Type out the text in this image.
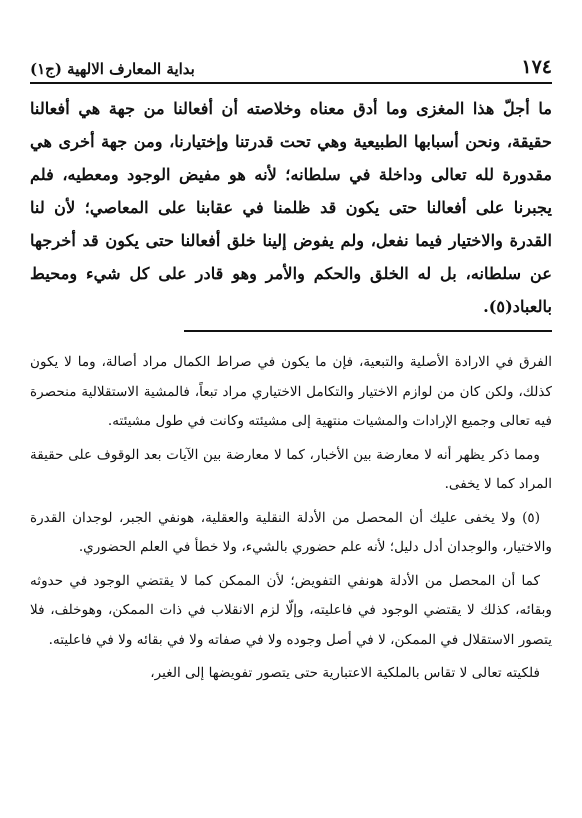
١٧٤
بداية المعارف الالهية (ج١)
ما أجلّ هذا المغزى وما أدق معناه وخلاصته أن أفعالنا من جهة هي أفعالنا حقيقة، ونحن أسبابها الطبيعية وهي تحت قدرتنا وإختيارنا، ومن جهة أخرى هي مقدورة لله تعالى وداخلة في سلطانه؛ لأنه هو مفيض الوجود ومعطيه، فلم يجبرنا على أفعالنا حتى يكون قد ظلمنا في عقابنا على المعاصي؛ لأن لنا القدرة والاختيار فيما نفعل، ولم يفوض إلينا خلق أفعالنا حتى يكون قد أخرجها عن سلطانه، بل له الخلق والحكم والأمر وهو قادر على كل شيء ومحيط بالعباد(٥).

الفرق في الارادة الأصلية والتبعية، فإن ما يكون في صراط الكمال مراد أصالة، وما لا يكون كذلك، ولكن كان من لوازم الاختيار والتكامل الاختياري مراد تبعاً، فالمشية الاستقلالية منحصرة فيه تعالى وجميع الإرادات والمشيات منتهية إلى مشيئته وكانت في طول مشيئته.

ومما ذكر يظهر أنه لا معارضة بين الأخبار، كما لا معارضة بين الآيات بعد الوقوف على حقيقة المراد كما لا يخفى.

(٥) ولا يخفى عليك أن المحصل من الأدلة النقلية والعقلية، هونفي الجبر، لوجدان القدرة والاختيار، والوجدان أدل دليل؛ لأنه علم حضوري بالشيء، ولا خطأ في العلم الحضوري.

كما أن المحصل من الأدلة هونفي التفويض؛ لأن الممكن كما لا يقتضي الوجود في حدوثه وبقائه، كذلك لا يقتضي الوجود في فاعليته، وإلّا لزم الانقلاب في ذات الممكن، وهوخلف، فلا يتصور الاستقلال في الممكن، لا في أصل وجوده ولا في صفاته ولا في بقائه ولا في فاعليته.

فلكيته تعالى لا تقاس بالملكية الاعتبارية حتى يتصور تفويضها إلى الغير،
